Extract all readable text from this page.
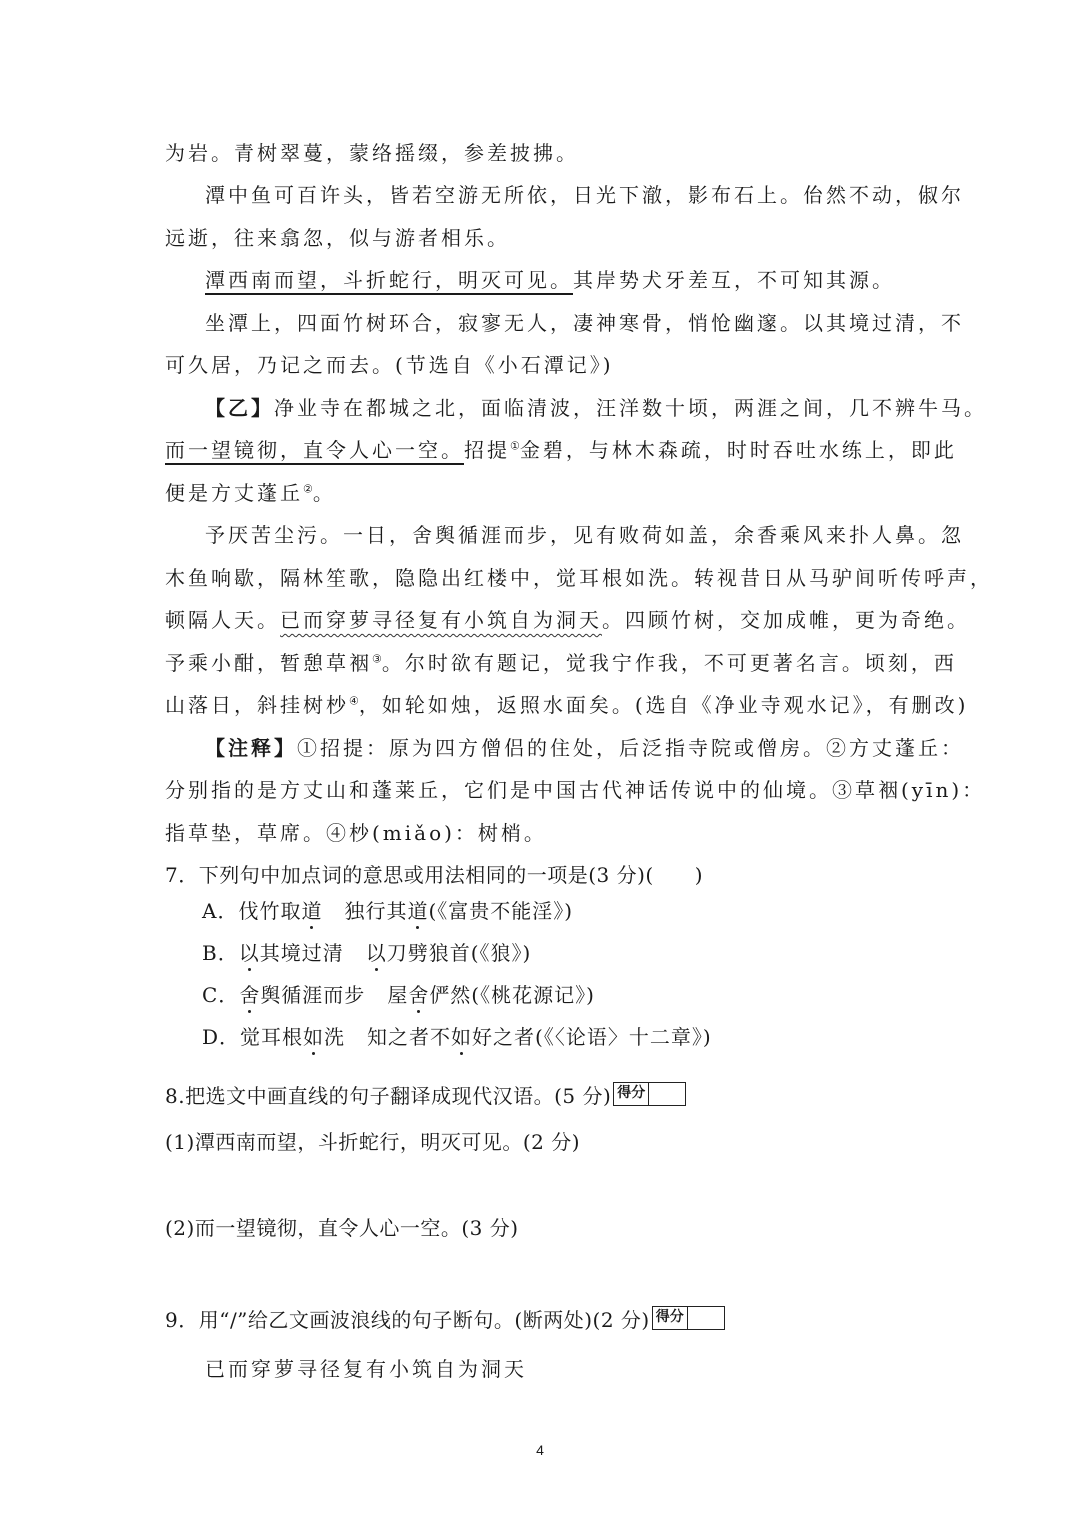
为岩。青树翠蔓，蒙络摇缀，参差披拂。
潭中鱼可百许头，皆若空游无所依，日光下澈，影布石上。佁然不动，俶尔
远逝，往来翕忽，似与游者相乐。
潭西南而望，斗折蛇行，明灭可见。其岸势犬牙差互，不可知其源。
坐潭上，四面竹树环合，寂寥无人，凄神寒骨，悄怆幽邃。以其境过清，不
可久居，乃记之而去。(节选自《小石潭记》)
【乙】净业寺在都城之北，面临清波，汪洋数十顷，两涯之间，几不辨牛马。
而一望镜彻，直令人心一空。招提①金碧，与林木森疏，时时吞吐水练上，即此
便是方丈蓬丘②。
予厌苦尘污。一日，舍舆循涯而步，见有败荷如盖，余香乘风来扑人鼻。忽
木鱼响歇，隔林笙歌，隐隐出红楼中，觉耳根如洗。转视昔日从马驴间听传呼声，
顿隔人天。已而穿萝寻径复有小筑自为洞天。四顾竹树，交加成帷，更为奇绝。
予乘小酣，暂憩草裀③。尔时欲有题记，觉我宁作我，不可更著名言。顷刻，西
山落日，斜挂树杪④，如轮如烛，返照水面矣。(选自《净业寺观水记》，有删改)
【注释】①招提：原为四方僧侣的住处，后泛指寺院或僧房。②方丈蓬丘：
分别指的是方丈山和蓬莱丘，它们是中国古代神话传说中的仙境。③草裀(yīn)：
指草垫，草席。④杪(miǎo)：树梢。
7．下列句中加点词的意思或用法相同的一项是(3 分)(　　)
A．伐竹取道 独行其道(《富贵不能淫》)
B．以其境过清 以刀劈狼首(《狼》)
C．舍舆循涯而步 屋舍俨然(《桃花源记》)
D．觉耳根如洗 知之者不如好之者(《〈论语〉十二章》)
8.把选文中画直线的句子翻译成现代汉语。(5 分) 得分
(1)潭西南而望，斗折蛇行，明灭可见。(2 分)
(2)而一望镜彻，直令人心一空。(3 分)
9．用“/”给乙文画波浪线的句子断句。(断两处)(2 分) 得分
已而穿萝寻径复有小筑自为洞天
4
